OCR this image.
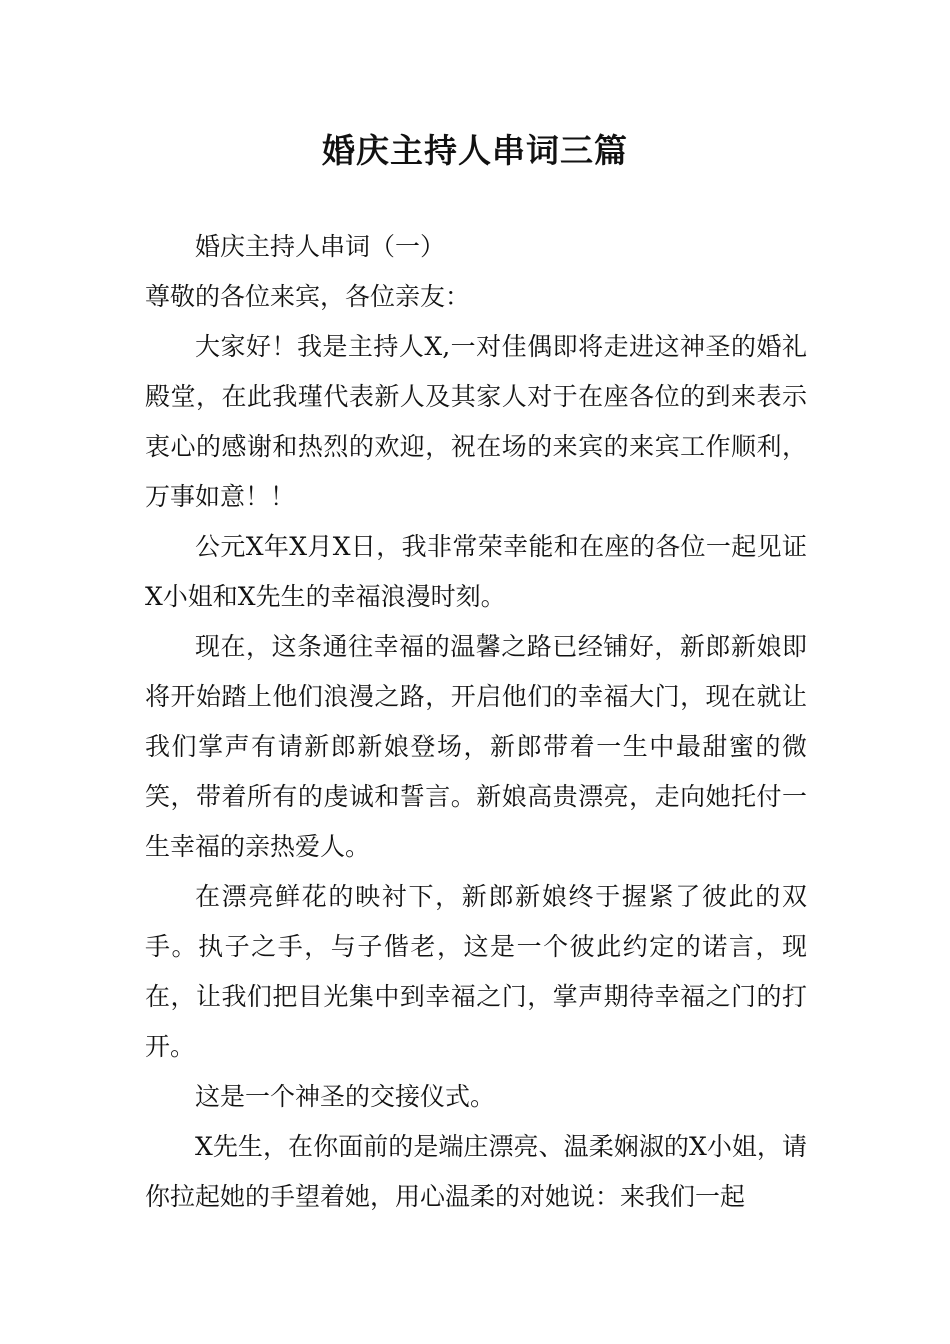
婚庆主持人串词三篇

婚庆主持人串词（一）

尊敬的各位来宾，各位亲友：

大家好！我是主持人X,一对佳偶即将走进这神圣的婚礼殿堂，在此我瑾代表新人及其家人对于在座各位的到来表示衷心的感谢和热烈的欢迎，祝在场的来宾的来宾工作顺利，万事如意！！

公元X年X月X日，我非常荣幸能和在座的各位一起见证X小姐和X先生的幸福浪漫时刻。

现在，这条通往幸福的温馨之路已经铺好，新郎新娘即将开始踏上他们浪漫之路，开启他们的幸福大门，现在就让我们掌声有请新郎新娘登场，新郎带着一生中最甜蜜的微笑，带着所有的虔诚和誓言。新娘高贵漂亮，走向她托付一生幸福的亲热爱人。

在漂亮鲜花的映衬下，新郎新娘终于握紧了彼此的双手。执子之手，与子偕老，这是一个彼此约定的诺言，现在，让我们把目光集中到幸福之门，掌声期待幸福之门的打开。

这是一个神圣的交接仪式。

X先生，在你面前的是端庄漂亮、温柔娴淑的X小姐，请你拉起她的手望着她，用心温柔的对她说：来我们一起
